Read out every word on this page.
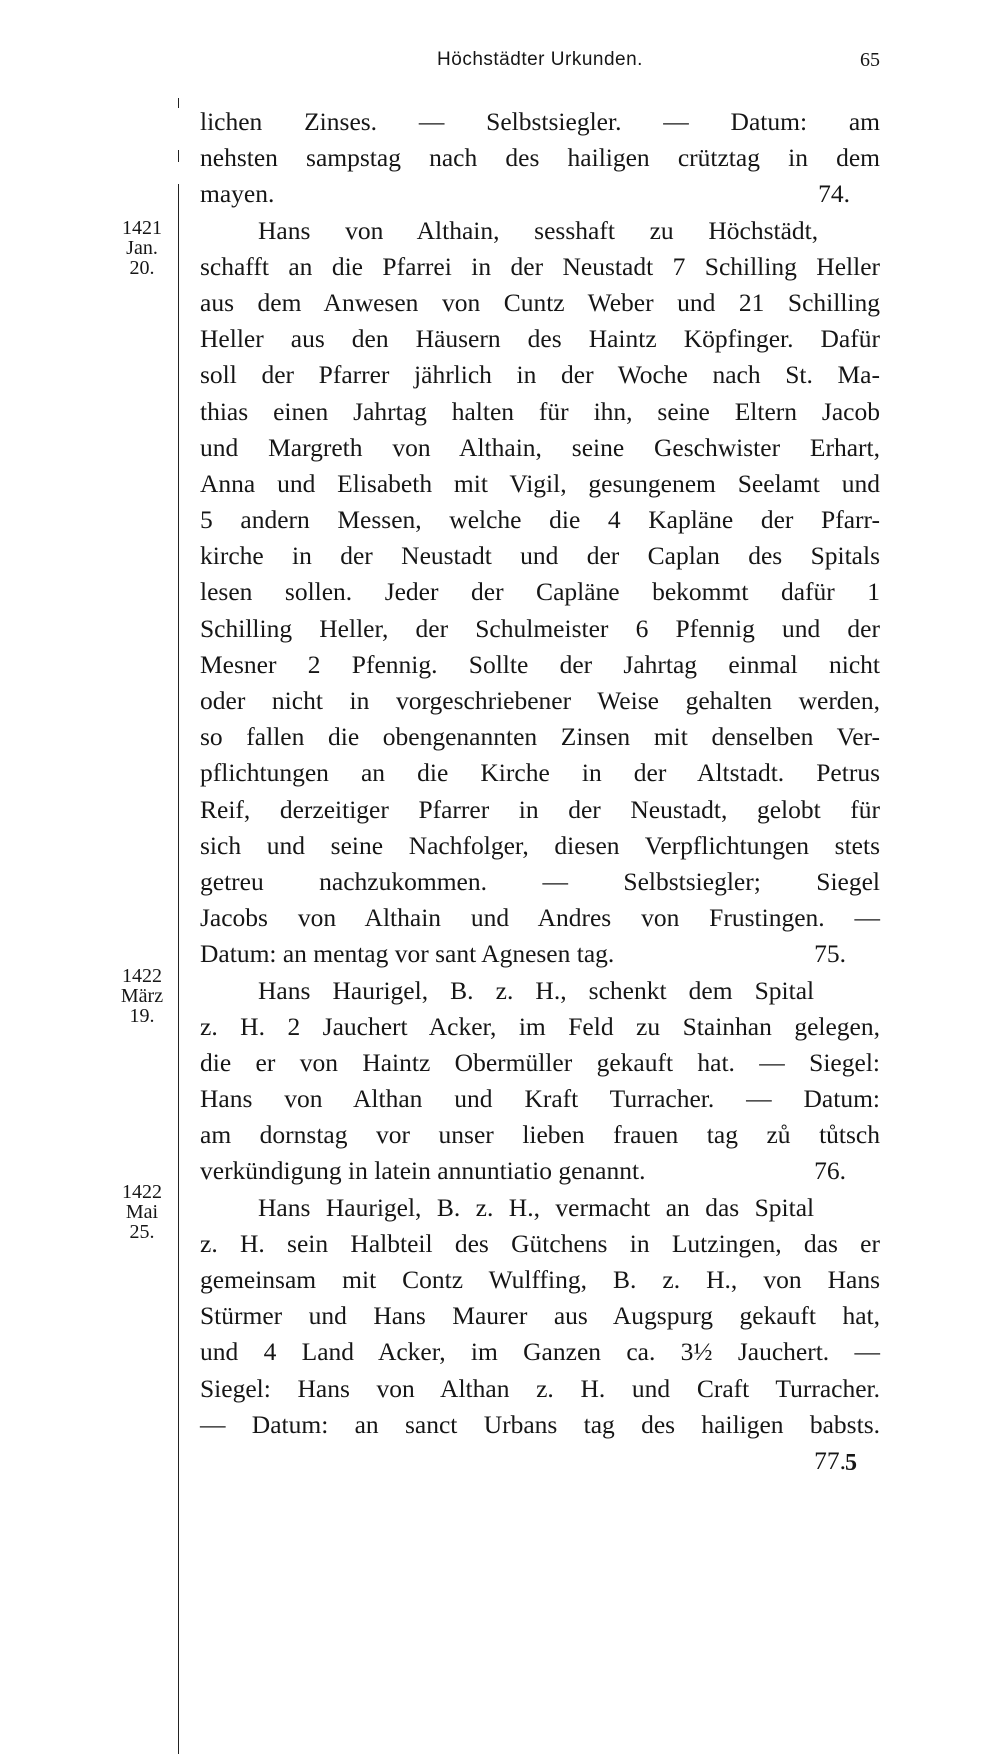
Höchstädter Urkunden.	65
1421
Jan.
20.
1422
März
19.
1422
Mai
25.
lichen Zinses. — Selbstsiegler. — Datum: am
nehsten sampstag nach des hailigen crütztag in dem
mayen.	74.
Hans von Althain, sesshaft zu Höchstädt,
schafft an die Pfarrei in der Neustadt 7 Schilling Heller
aus dem Anwesen von Cuntz Weber und 21 Schilling
Heller aus den Häusern des Haintz Köpfinger. Dafür
soll der Pfarrer jährlich in der Woche nach St. Ma-
thias einen Jahrtag halten für ihn, seine Eltern Jacob
und Margreth von Althain, seine Geschwister Erhart,
Anna und Elisabeth mit Vigil, gesungenem Seelamt und
5 andern Messen, welche die 4 Kapläne der Pfarr-
kirche in der Neustadt und der Caplan des Spitals
lesen sollen. Jeder der Capläne bekommt dafür 1
Schilling Heller, der Schulmeister 6 Pfennig und der
Mesner 2 Pfennig. Sollte der Jahrtag einmal nicht
oder nicht in vorgeschriebener Weise gehalten werden,
so fallen die obengenannten Zinsen mit denselben Ver-
pflichtungen an die Kirche in der Altstadt. Petrus
Reif, derzeitiger Pfarrer in der Neustadt, gelobt für
sich und seine Nachfolger, diesen Verpflichtungen stets
getreu nachzukommen. — Selbstsiegler; Siegel
Jacobs von Althain und Andres von Frustingen. —
Datum: an mentag vor sant Agnesen tag.	75.
Hans Haurigel, B. z. H., schenkt dem Spital
z. H. 2 Jauchert Acker, im Feld zu Stainhan gelegen,
die er von Haintz Obermüller gekauft hat. — Siegel:
Hans von Althan und Kraft Turracher. — Datum:
am dornstag vor unser lieben frauen tag zů tůtsch
verkündigung in latein annuntiatio genannt.	76.
Hans Haurigel, B. z. H., vermacht an das Spital
z. H. sein Halbteil des Gütchens in Lutzingen, das er
gemeinsam mit Contz Wulffing, B. z. H., von Hans
Stürmer und Hans Maurer aus Augspurg gekauft hat,
und 4 Land Acker, im Ganzen ca. 3½ Jauchert. —
Siegel: Hans von Althan z. H. und Craft Turracher.
— Datum: an sanct Urbans tag des hailigen babsts.
77. 5
